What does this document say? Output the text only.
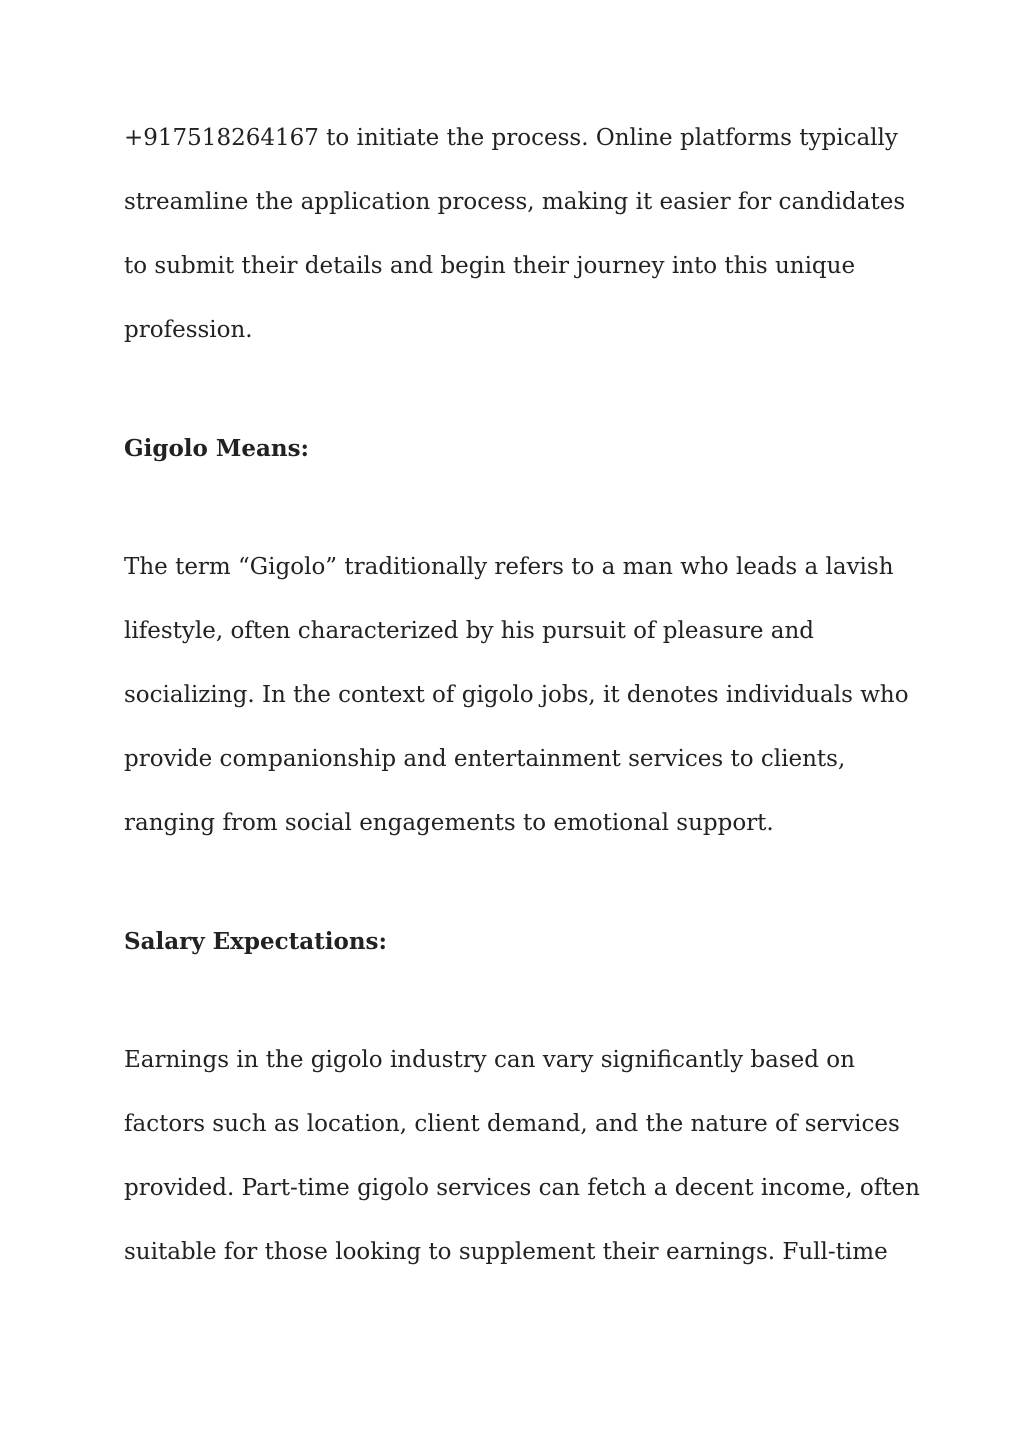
+917518264167 to initiate the process. Online platforms typically
streamline the application process, making it easier for candidates
to submit their details and begin their journey into this unique
profession.
Gigolo Means:
The term “Gigolo” traditionally refers to a man who leads a lavish
lifestyle, often characterized by his pursuit of pleasure and
socializing. In the context of gigolo jobs, it denotes individuals who
provide companionship and entertainment services to clients,
ranging from social engagements to emotional support.
Salary Expectations:
Earnings in the gigolo industry can vary significantly based on
factors such as location, client demand, and the nature of services
provided. Part-time gigolo services can fetch a decent income, often
suitable for those looking to supplement their earnings. Full-time
